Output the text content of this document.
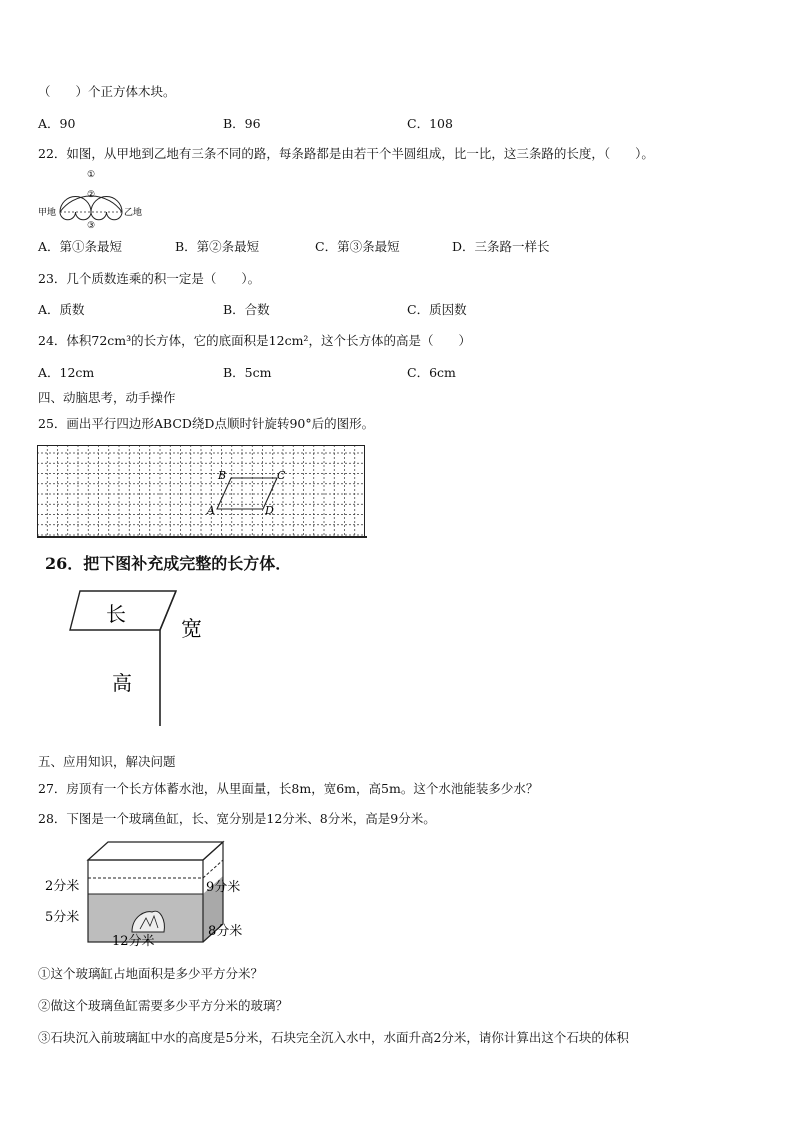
（　　）个正方体木块。
A．90	B．96	C．108
22．如图，从甲地到乙地有三条不同的路，每条路都是由若干个半圆组成，比一比，这三条路的长度，（　　）。
①
②
③
甲地	乙地
A．第①条最短	B．第②条最短	C．第③条最短	D．三条路一样长
23．几个质数连乘的积一定是（　　）。
A．质数	B．合数	C．质因数
24．体积72cm³的长方体，它的底面积是12cm²，这个长方体的高是（　　）
A．12cm	B．5cm	C．6cm
四、动脑思考，动手操作
25．画出平行四边形ABCD绕D点顺时针旋转90°后的图形。
B	C
A	D
26．把下图补充成完整的长方体．
长
宽
高
五、应用知识，解决问题
27．房顶有一个长方体蓄水池，从里面量，长8m，宽6m，高5m。这个水池能装多少水？
28．下图是一个玻璃鱼缸，长、宽分别是12分米、8分米，高是9分米。
2分米
5分米
9分米
12分米
8分米
①这个玻璃缸占地面积是多少平方分米？
②做这个玻璃鱼缸需要多少平方分米的玻璃？
③石块沉入前玻璃缸中水的高度是5分米，石块完全沉入水中，水面升高2分米，请你计算出这个石块的体积
